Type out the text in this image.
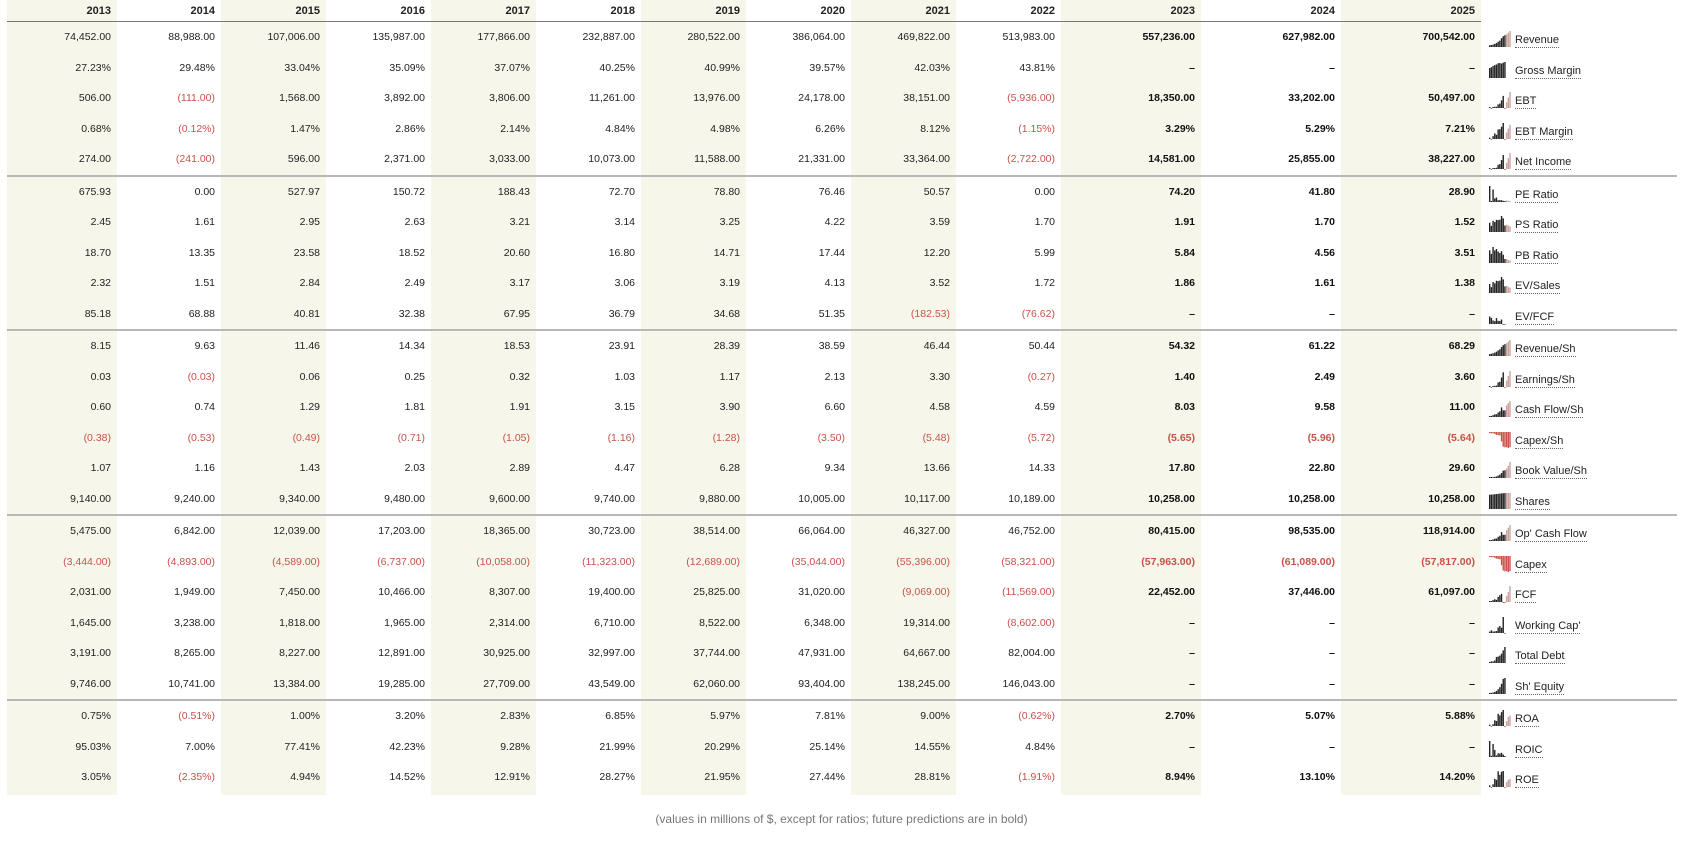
2013	2014	2015	2016	2017	2018	2019	2020	2021	2022	2023	2024	2025
74,452.00	88,988.00	107,006.00	135,987.00	177,866.00	232,887.00	280,522.00	386,064.00	469,822.00	513,983.00	557,236.00	627,982.00	700,542.00	Revenue
27.23%	29.48%	33.04%	35.09%	37.07%	40.25%	40.99%	39.57%	42.03%	43.81%	–	–	–	Gross Margin
506.00	(111.00)	1,568.00	3,892.00	3,806.00	11,261.00	13,976.00	24,178.00	38,151.00	(5,936.00)	18,350.00	33,202.00	50,497.00	EBT
0.68%	(0.12%)	1.47%	2.86%	2.14%	4.84%	4.98%	6.26%	8.12%	(1.15%)	3.29%	5.29%	7.21%	EBT Margin
274.00	(241.00)	596.00	2,371.00	3,033.00	10,073.00	11,588.00	21,331.00	33,364.00	(2,722.00)	14,581.00	25,855.00	38,227.00	Net Income
675.93	0.00	527.97	150.72	188.43	72.70	78.80	76.46	50.57	0.00	74.20	41.80	28.90	PE Ratio
2.45	1.61	2.95	2.63	3.21	3.14	3.25	4.22	3.59	1.70	1.91	1.70	1.52	PS Ratio
18.70	13.35	23.58	18.52	20.60	16.80	14.71	17.44	12.20	5.99	5.84	4.56	3.51	PB Ratio
2.32	1.51	2.84	2.49	3.17	3.06	3.19	4.13	3.52	1.72	1.86	1.61	1.38	EV/Sales
85.18	68.88	40.81	32.38	67.95	36.79	34.68	51.35	(182.53)	(76.62)	–	–	–	EV/FCF
8.15	9.63	11.46	14.34	18.53	23.91	28.39	38.59	46.44	50.44	54.32	61.22	68.29	Revenue/Sh
0.03	(0.03)	0.06	0.25	0.32	1.03	1.17	2.13	3.30	(0.27)	1.40	2.49	3.60	Earnings/Sh
0.60	0.74	1.29	1.81	1.91	3.15	3.90	6.60	4.58	4.59	8.03	9.58	11.00	Cash Flow/Sh
(0.38)	(0.53)	(0.49)	(0.71)	(1.05)	(1.16)	(1.28)	(3.50)	(5.48)	(5.72)	(5.65)	(5.96)	(5.64)	Capex/Sh
1.07	1.16	1.43	2.03	2.89	4.47	6.28	9.34	13.66	14.33	17.80	22.80	29.60	Book Value/Sh
9,140.00	9,240.00	9,340.00	9,480.00	9,600.00	9,740.00	9,880.00	10,005.00	10,117.00	10,189.00	10,258.00	10,258.00	10,258.00	Shares
5,475.00	6,842.00	12,039.00	17,203.00	18,365.00	30,723.00	38,514.00	66,064.00	46,327.00	46,752.00	80,415.00	98,535.00	118,914.00	Op' Cash Flow
(3,444.00)	(4,893.00)	(4,589.00)	(6,737.00)	(10,058.00)	(11,323.00)	(12,689.00)	(35,044.00)	(55,396.00)	(58,321.00)	(57,963.00)	(61,089.00)	(57,817.00)	Capex
2,031.00	1,949.00	7,450.00	10,466.00	8,307.00	19,400.00	25,825.00	31,020.00	(9,069.00)	(11,569.00)	22,452.00	37,446.00	61,097.00	FCF
1,645.00	3,238.00	1,818.00	1,965.00	2,314.00	6,710.00	8,522.00	6,348.00	19,314.00	(8,602.00)	–	–	–	Working Cap'
3,191.00	8,265.00	8,227.00	12,891.00	30,925.00	32,997.00	37,744.00	47,931.00	64,667.00	82,004.00	–	–	–	Total Debt
9,746.00	10,741.00	13,384.00	19,285.00	27,709.00	43,549.00	62,060.00	93,404.00	138,245.00	146,043.00	–	–	–	Sh' Equity
0.75%	(0.51%)	1.00%	3.20%	2.83%	6.85%	5.97%	7.81%	9.00%	(0.62%)	2.70%	5.07%	5.88%	ROA
95.03%	7.00%	77.41%	42.23%	9.28%	21.99%	20.29%	25.14%	14.55%	4.84%	–	–	–	ROIC
3.05%	(2.35%)	4.94%	14.52%	12.91%	28.27%	21.95%	27.44%	28.81%	(1.91%)	8.94%	13.10%	14.20%	ROE
(values in millions of $, except for ratios; future predictions are in bold)
